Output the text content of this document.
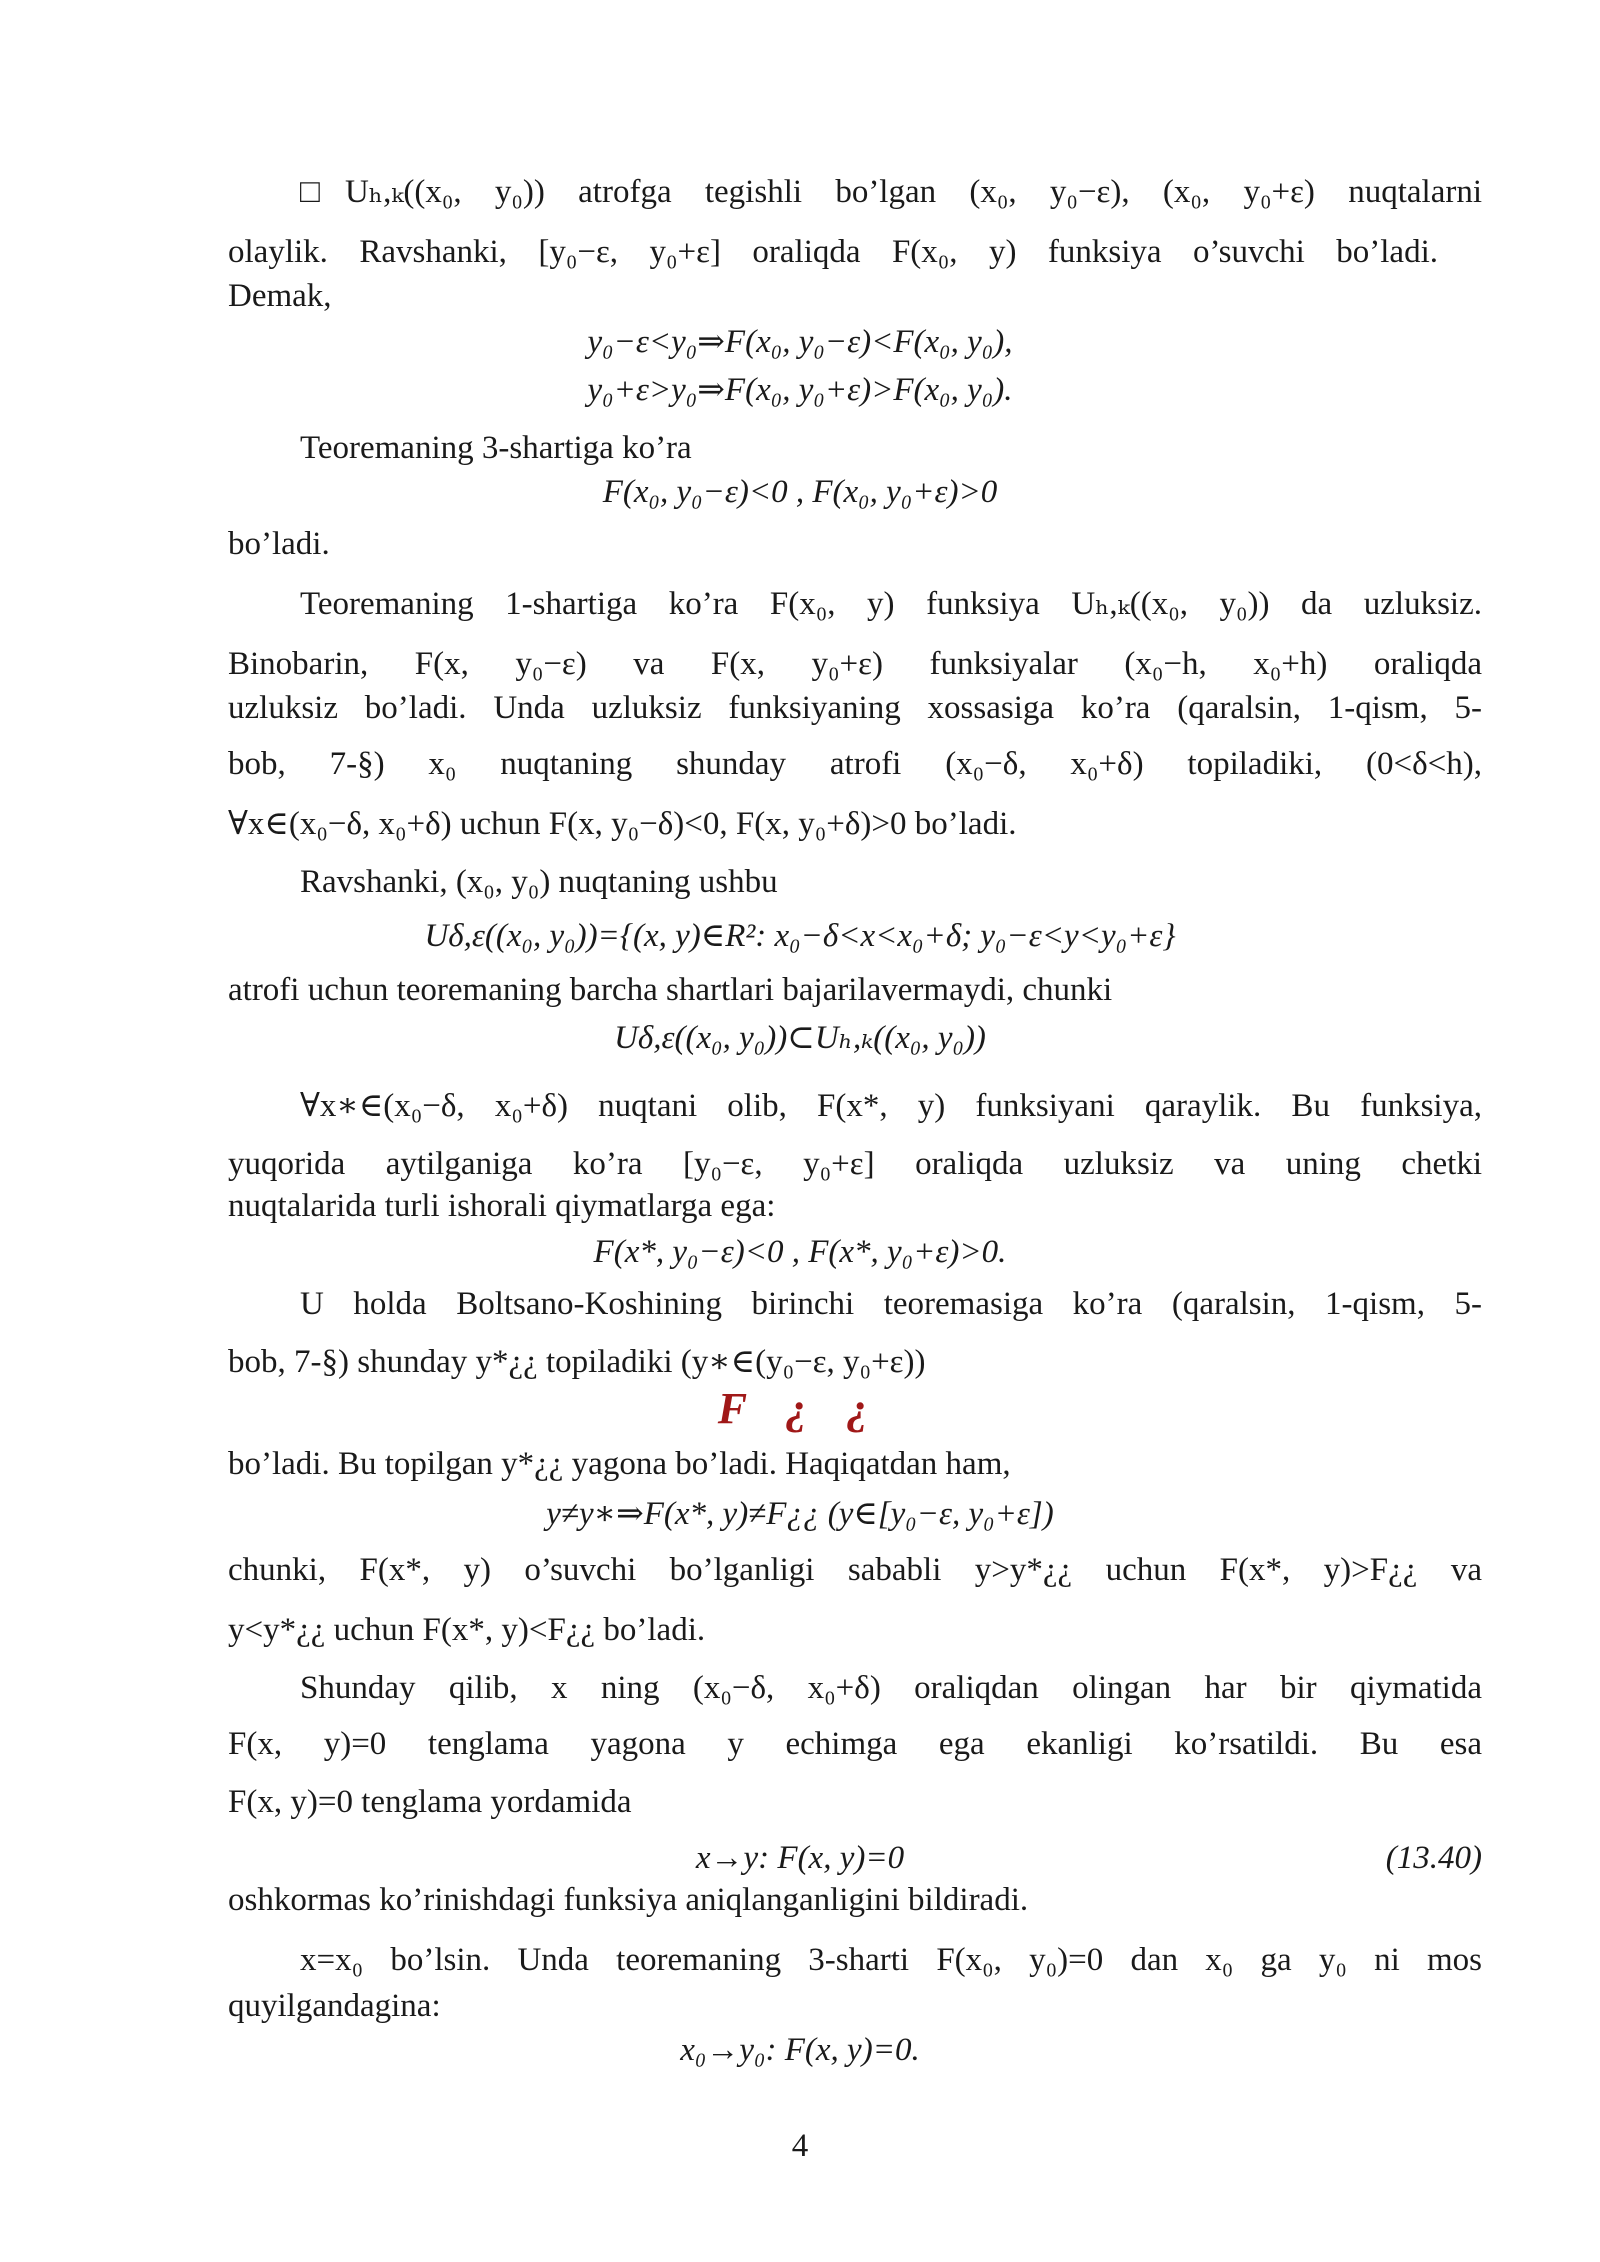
□Uₕ,ₖ((x₀, y₀)) atrofga tegishli bo’lgan (x₀, y₀−ε), (x₀, y₀+ε) nuqtalarni
olaylik. Ravshanki, [y₀−ε, y₀+ε] oraliqda F(x₀, y) funksiya o’suvchi bo’ladi.
Demak,
y₀−ε<y₀⇒F(x₀, y₀−ε)<F(x₀, y₀),
y₀+ε>y₀⇒F(x₀, y₀+ε)>F(x₀, y₀).
Teoremaning 3-shartiga ko’ra
F(x₀, y₀−ε)<0 , F(x₀, y₀+ε)>0
bo’ladi.
Teoremaning 1-shartiga ko’ra F(x₀, y) funksiya Uₕ,ₖ((x₀, y₀)) da uzluksiz.
Binobarin, F(x, y₀−ε) va F(x, y₀+ε) funksiyalar (x₀−h, x₀+h) oraliqda
uzluksiz bo’ladi. Unda uzluksiz funksiyaning xossasiga ko’ra (qaralsin, 1-qism, 5-
bob, 7-§) x₀ nuqtaning shunday atrofi (x₀−δ, x₀+δ) topiladiki, (0<δ<h),
∀x∈(x₀−δ, x₀+δ) uchun F(x, y₀−δ)<0, F(x, y₀+δ)>0 bo’ladi.
Ravshanki, (x₀, y₀) nuqtaning ushbu
Uδ,ε((x₀, y₀))={(x, y)∈R²: x₀−δ<x<x₀+δ; y₀−ε<y<y₀+ε}
atrofi uchun teoremaning barcha shartlari bajarilavermaydi, chunki
Uδ,ε((x₀, y₀))⊂Uₕ,ₖ((x₀, y₀))
∀x∗∈(x₀−δ, x₀+δ) nuqtani olib, F(x*, y) funksiyani qaraylik. Bu funksiya,
yuqorida aytilganiga ko’ra [y₀−ε, y₀+ε] oraliqda uzluksiz va uning chetki
nuqtalarida turli ishorali qiymatlarga ega:
F(x*, y₀−ε)<0 , F(x*, y₀+ε)>0.
U holda Boltsano-Koshining birinchi teoremasiga ko’ra (qaralsin, 1-qism, 5-
bob, 7-§) shunday y*¿¿ topiladiki (y∗∈(y₀−ε, y₀+ε))
F ¿ ¿
bo’ladi. Bu topilgan y*¿¿ yagona bo’ladi. Haqiqatdan ham,
y≠y∗⇒F(x*, y)≠F¿¿ (y∈[y₀−ε, y₀+ε])
chunki, F(x*, y) o’suvchi bo’lganligi sababli y>y*¿¿ uchun F(x*, y)>F¿¿ va
y<y*¿¿ uchun F(x*, y)<F¿¿ bo’ladi.
Shunday qilib, x ning (x₀−δ, x₀+δ) oraliqdan olingan har bir qiymatida
F(x, y)=0 tenglama yagona y echimga ega ekanligi ko’rsatildi. Bu esa
F(x, y)=0 tenglama yordamida
x→y: F(x, y)=0	(13.40)
oshkormas ko’rinishdagi funksiya aniqlanganligini bildiradi.
x=x₀ bo’lsin. Unda teoremaning 3-sharti F(x₀, y₀)=0 dan x₀ ga y₀ ni mos
quyilgandagina:
x₀→y₀: F(x, y)=0.
4
